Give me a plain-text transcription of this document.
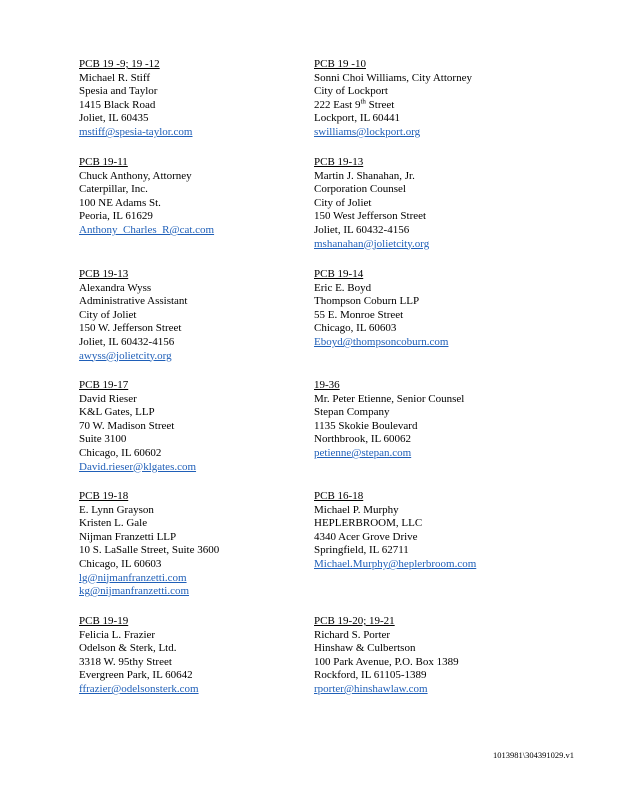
PCB 19 -9; 19 -12
Michael R. Stiff
Spesia and Taylor
1415 Black Road
Joliet, IL 60435
mstiff@spesia-taylor.com
PCB 19 -10
Sonni Choi Williams, City Attorney
City of Lockport
222 East 9th Street
Lockport, IL 60441
swilliams@lockport.org
PCB 19-11
Chuck Anthony, Attorney
Caterpillar, Inc.
100 NE Adams St.
Peoria, IL 61629
Anthony_Charles_R@cat.com
PCB 19-13
Martin J. Shanahan, Jr.
Corporation Counsel
City of Joliet
150 West Jefferson Street
Joliet, IL 60432-4156
mshanahan@jolietcity.org
PCB 19-13
Alexandra Wyss
Administrative Assistant
City of Joliet
150 W. Jefferson Street
Joliet, IL 60432-4156
awyss@jolietcity.org
PCB 19-14
Eric E. Boyd
Thompson Coburn LLP
55 E. Monroe Street
Chicago, IL 60603
Eboyd@thompsoncoburn.com
PCB 19-17
David Rieser
K&L Gates, LLP
70 W. Madison Street
Suite 3100
Chicago, IL 60602
David.rieser@klgates.com
19-36
Mr. Peter Etienne, Senior Counsel
Stepan Company
1135 Skokie Boulevard
Northbrook, IL 60062
petienne@stepan.com
PCB 19-18
E. Lynn Grayson
Kristen L. Gale
Nijman Franzetti LLP
10 S. LaSalle Street, Suite 3600
Chicago, IL 60603
lg@nijmanfranzetti.com
kg@nijmanfranzetti.com
PCB 16-18
Michael P. Murphy
HEPLERBROOM, LLC
4340 Acer Grove Drive
Springfield, IL 62711
Michael.Murphy@heplerbroom.com
PCB 19-19
Felicia L. Frazier
Odelson & Sterk, Ltd.
3318 W. 95thy Street
Evergreen Park, IL 60642
ffrazier@odelsonsterk.com
PCB 19-20; 19-21
Richard S. Porter
Hinshaw & Culbertson
100 Park Avenue, P.O. Box 1389
Rockford, IL 61105-1389
rporter@hinshawlaw.com
1013981\304391029.v1
